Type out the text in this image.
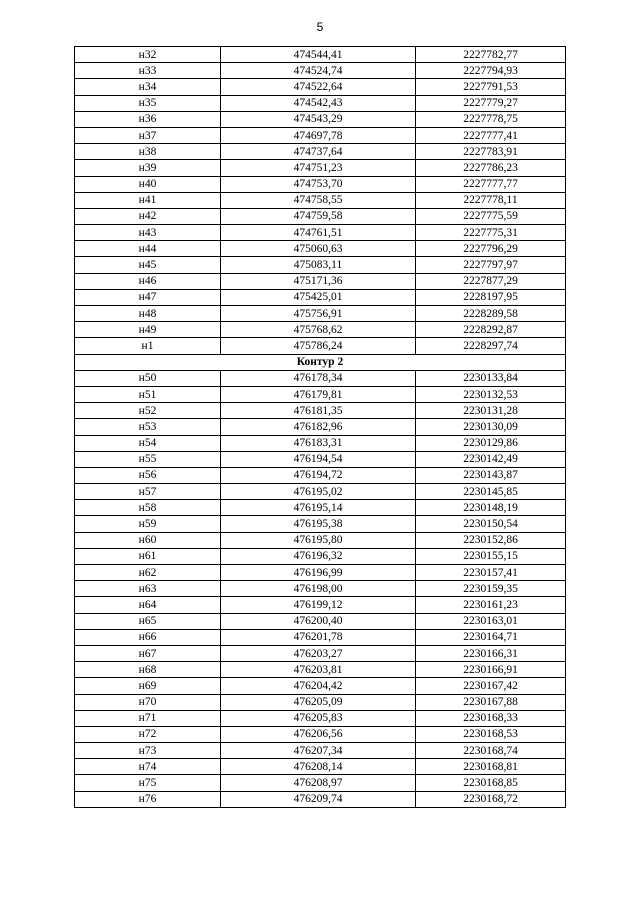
5
н32	474544,41	2227782,77
н33	474524,74	2227794,93
н34	474522,64	2227791,53
н35	474542,43	2227779,27
н36	474543,29	2227778,75
н37	474697,78	2227777,41
н38	474737,64	2227783,91
н39	474751,23	2227786,23
н40	474753,70	2227777,77
н41	474758,55	2227778,11
н42	474759,58	2227775,59
н43	474761,51	2227775,31
н44	475060,63	2227796,29
н45	475083,11	2227797,97
н46	475171,36	2227877,29
н47	475425,01	2228197,95
н48	475756,91	2228289,58
н49	475768,62	2228292,87
н1	475786,24	2228297,74
Контур 2		
н50	476178,34	2230133,84
н51	476179,81	2230132,53
н52	476181,35	2230131,28
н53	476182,96	2230130,09
н54	476183,31	2230129,86
н55	476194,54	2230142,49
н56	476194,72	2230143,87
н57	476195,02	2230145,85
н58	476195,14	2230148,19
н59	476195,38	2230150,54
н60	476195,80	2230152,86
н61	476196,32	2230155,15
н62	476196,99	2230157,41
н63	476198,00	2230159,35
н64	476199,12	2230161,23
н65	476200,40	2230163,01
н66	476201,78	2230164,71
н67	476203,27	2230166,31
н68	476203,81	2230166,91
н69	476204,42	2230167,42
н70	476205,09	2230167,88
н71	476205,83	2230168,33
н72	476206,56	2230168,53
н73	476207,34	2230168,74
н74	476208,14	2230168,81
н75	476208,97	2230168,85
н76	476209,74	2230168,72
